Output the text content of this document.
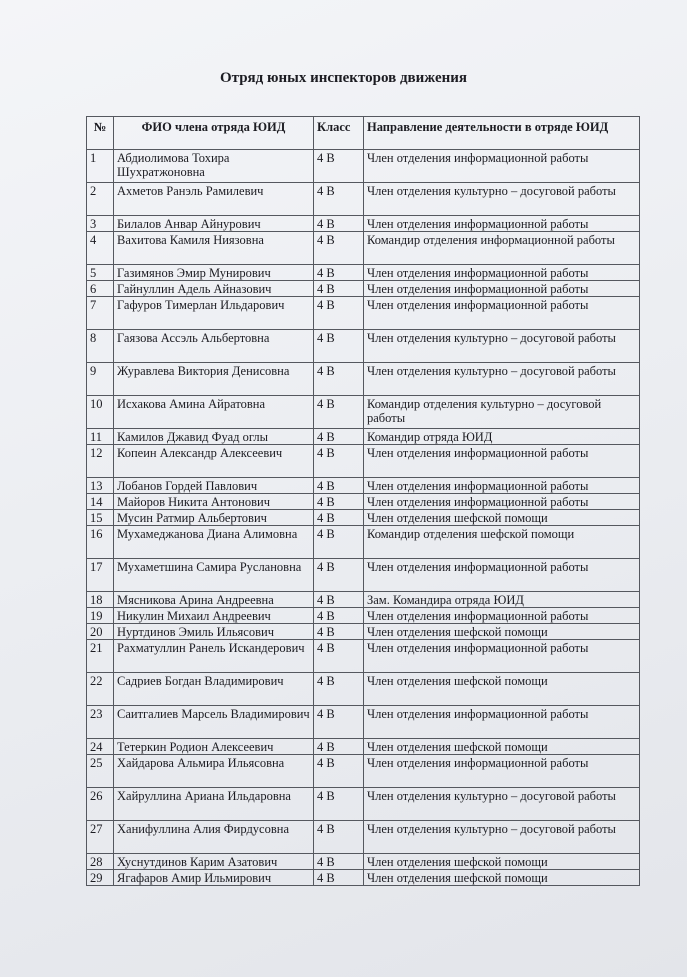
Отряд юных инспекторов движения
№	ФИО члена отряда ЮИД	Класс	Направление деятельности в отряде ЮИД
1	Абдиолимова Тохира Шухратжоновна	4 В	Член отделения информационной работы
2	Ахметов Ранэль Рамилевич	4 В	Член отделения культурно – досуговой работы
3	Билалов Анвар Айнурович	4 В	Член отделения информационной работы
4	Вахитова Камиля Ниязовна	4 В	Командир отделения информационной работы
5	Газимянов Эмир Мунирович	4 В	Член отделения информационной работы
6	Гайнуллин Адель Айназович	4 В	Член отделения информационной работы
7	Гафуров Тимерлан Ильдарович	4 В	Член отделения информационной работы
8	Гаязова Ассэль Альбертовна	4 В	Член отделения культурно – досуговой работы
9	Журавлева Виктория Денисовна	4 В	Член отделения культурно – досуговой работы
10	Исхакова Амина Айратовна	4 В	Командир отделения культурно – досуговой работы
11	Камилов Джавид Фуад оглы	4 В	Командир отряда ЮИД
12	Копеин Александр Алексеевич	4 В	Член отделения информационной работы
13	Лобанов Гордей Павлович	4 В	Член отделения информационной работы
14	Майоров Никита Антонович	4 В	Член отделения информационной работы
15	Мусин Ратмир Альбертович	4 В	Член отделения шефской помощи
16	Мухамеджанова Диана Алимовна	4 В	Командир отделения шефской помощи
17	Мухаметшина Самира Руслановна	4 В	Член отделения информационной работы
18	Мясникова Арина Андреевна	4 В	Зам. Командира отряда ЮИД
19	Никулин Михаил Андреевич	4 В	Член отделения информационной работы
20	Нуртдинов Эмиль Ильясович	4 В	Член отделения шефской помощи
21	Рахматуллин Ранель Искандерович	4 В	Член отделения информационной работы
22	Садриев Богдан Владимирович	4 В	Член отделения шефской помощи
23	Саитгалиев Марсель Владимирович	4 В	Член отделения информационной работы
24	Тетеркин Родион Алексеевич	4 В	Член отделения шефской помощи
25	Хайдарова Альмира Ильясовна	4 В	Член отделения информационной работы
26	Хайруллина Ариана Ильдаровна	4 В	Член отделения культурно – досуговой работы
27	Ханифуллина Алия Фирдусовна	4 В	Член отделения культурно – досуговой работы
28	Хуснутдинов Карим Азатович	4 В	Член отделения шефской помощи
29	Ягафаров Амир Ильмирович	4 В	Член отделения шефской помощи
